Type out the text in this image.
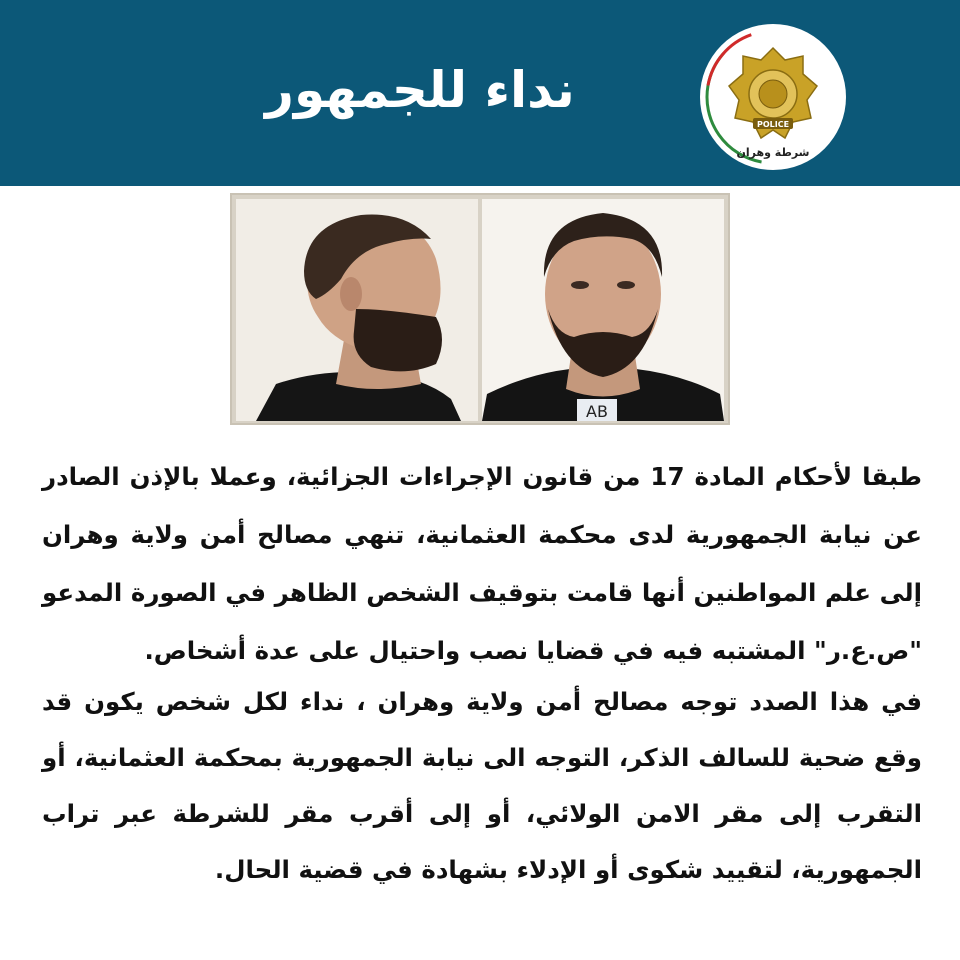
نداء للجمهور
POLICE
شرطة وهران
AB

طبقا لأحكام المادة 17 من قانون الإجراءات الجزائية، وعملا بالإذن الصادر عن نيابة الجمهورية لدى محكمة العثمانية، تنهي مصالح أمن ولاية وهران إلى علم المواطنين أنها قامت بتوقيف الشخص الظاهر في الصورة المدعو "ص.ع.ر" المشتبه فيه في قضايا نصب واحتيال على عدة أشخاص.

في هذا الصدد توجه مصالح أمن ولاية وهران ، نداء لكل شخص يكون قد وقع ضحية للسالف الذكر، التوجه الى نيابة الجمهورية بمحكمة العثمانية، أو التقرب إلى مقر الامن الولائي، أو إلى أقرب مقر للشرطة عبر تراب الجمهورية، لتقييد شكوى أو الإدلاء بشهادة في قضية الحال.
